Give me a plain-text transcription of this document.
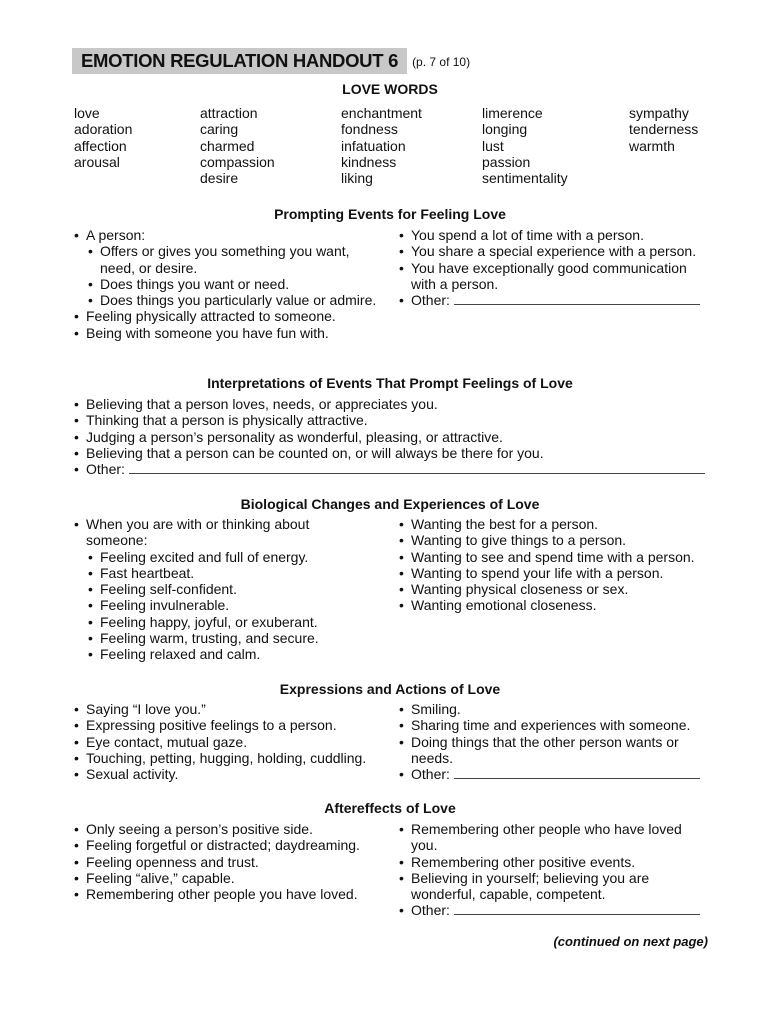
EMOTION REGULATION HANDOUT 6	(p. 7 of 10)
LOVE WORDS
love
adoration
affection
arousal
attraction
caring
charmed
compassion
desire
enchantment
fondness
infatuation
kindness
liking
limerence
longing
lust
passion
sentimentality
sympathy
tenderness
warmth
Prompting Events for Feeling Love
• A person:
• Offers or gives you something you want, need, or desire.
• Does things you want or need.
• Does things you particularly value or admire.
• Feeling physically attracted to someone.
• Being with someone you have fun with.
• You spend a lot of time with a person.
• You share a special experience with a person.
• You have exceptionally good communication with a person.
• Other:
Interpretations of Events That Prompt Feelings of Love
• Believing that a person loves, needs, or appreciates you.
• Thinking that a person is physically attractive.
• Judging a person’s personality as wonderful, pleasing, or attractive.
• Believing that a person can be counted on, or will always be there for you.
• Other:
Biological Changes and Experiences of Love
• When you are with or thinking about someone:
• Feeling excited and full of energy.
• Fast heartbeat.
• Feeling self-confident.
• Feeling invulnerable.
• Feeling happy, joyful, or exuberant.
• Feeling warm, trusting, and secure.
• Feeling relaxed and calm.
• Wanting the best for a person.
• Wanting to give things to a person.
• Wanting to see and spend time with a person.
• Wanting to spend your life with a person.
• Wanting physical closeness or sex.
• Wanting emotional closeness.
Expressions and Actions of Love
• Saying “I love you.”
• Expressing positive feelings to a person.
• Eye contact, mutual gaze.
• Touching, petting, hugging, holding, cuddling.
• Sexual activity.
• Smiling.
• Sharing time and experiences with someone.
• Doing things that the other person wants or needs.
• Other:
Aftereffects of Love
• Only seeing a person’s positive side.
• Feeling forgetful or distracted; daydreaming.
• Feeling openness and trust.
• Feeling “alive,” capable.
• Remembering other people you have loved.
• Remembering other people who have loved you.
• Remembering other positive events.
• Believing in yourself; believing you are wonderful, capable, competent.
• Other:
(continued on next page)
